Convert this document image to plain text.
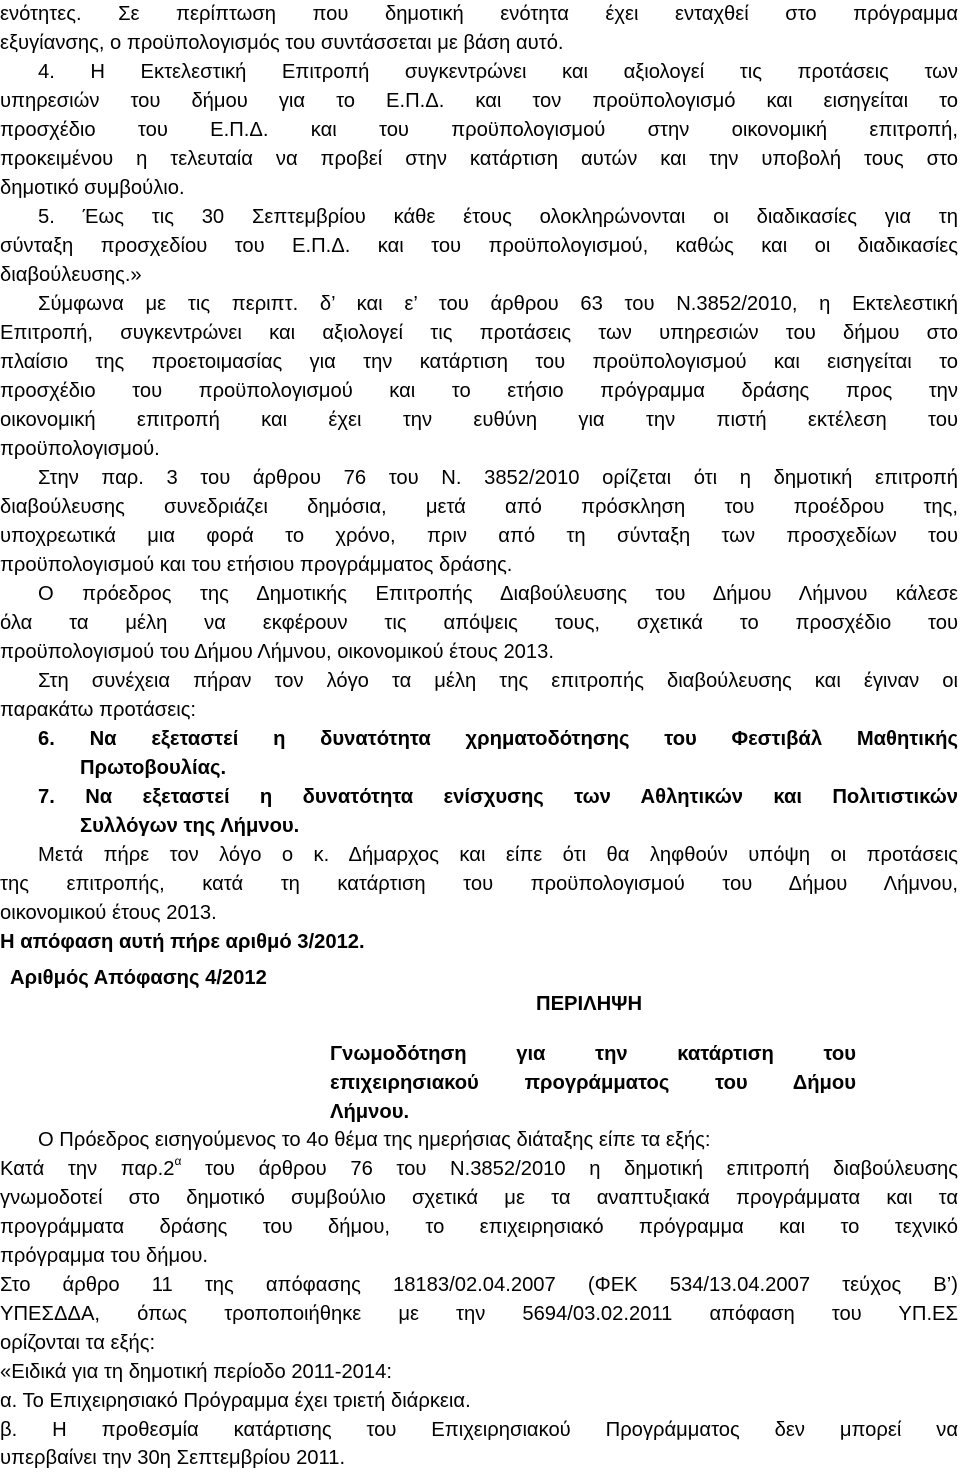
ενότητες. Σε περίπτωση που δημοτική ενότητα έχει ενταχθεί στο πρόγραμμα
εξυγίανσης, ο προϋπολογισμός του συντάσσεται με βάση αυτό.
4. Η Εκτελεστική Επιτροπή συγκεντρώνει και αξιολογεί τις προτάσεις των
υπηρεσιών του δήμου για το Ε.Π.Δ. και τον προϋπολογισμό και εισηγείται το
προσχέδιο του Ε.Π.Δ. και του προϋπολογισμού στην οικονομική επιτροπή,
προκειμένου η τελευταία να προβεί στην κατάρτιση αυτών και την υποβολή τους στο
δημοτικό συμβούλιο.
5. Έως τις 30 Σεπτεμβρίου κάθε έτους ολοκληρώνονται οι διαδικασίες για τη
σύνταξη προσχεδίου του Ε.Π.Δ. και του προϋπολογισμού, καθώς και οι διαδικασίες
διαβούλευσης.»
Σύμφωνα με τις περιπτ. δ’ και ε’ του άρθρου 63 του Ν.3852/2010, η Εκτελεστική
Επιτροπή, συγκεντρώνει και αξιολογεί τις προτάσεις των υπηρεσιών του δήμου στο
πλαίσιο της προετοιμασίας για την κατάρτιση του προϋπολογισμού και εισηγείται το
προσχέδιο του προϋπολογισμού και το ετήσιο πρόγραμμα δράσης προς την
οικονομική επιτροπή και έχει την ευθύνη για την πιστή εκτέλεση του
προϋπολογισμού.
Στην παρ. 3 του άρθρου 76 του Ν. 3852/2010 ορίζεται ότι η δημοτική επιτροπή
διαβούλευσης συνεδριάζει δημόσια, μετά από πρόσκληση του προέδρου της,
υποχρεωτικά μια φορά το χρόνο, πριν από τη σύνταξη των προσχεδίων του
προϋπολογισμού και του ετήσιου προγράμματος δράσης.
Ο πρόεδρος της Δημοτικής Επιτροπής Διαβούλευσης του Δήμου Λήμνου κάλεσε
όλα τα μέλη να εκφέρουν τις απόψεις τους, σχετικά το προσχέδιο του
προϋπολογισμού του Δήμου Λήμνου, οικονομικού έτους 2013.
Στη συνέχεια πήραν τον λόγο τα μέλη της επιτροπής διαβούλευσης και έγιναν οι
παρακάτω προτάσεις:
6. Να εξεταστεί η δυνατότητα χρηματοδότησης του Φεστιβάλ Μαθητικής
Πρωτοβουλίας.
7. Να εξεταστεί η δυνατότητα ενίσχυσης των Αθλητικών και Πολιτιστικών
Συλλόγων της Λήμνου.
Μετά πήρε τον λόγο ο κ. Δήμαρχος και είπε ότι θα ληφθούν υπόψη οι προτάσεις
της επιτροπής, κατά τη κατάρτιση του προϋπολογισμού του Δήμου Λήμνου,
οικονομικού έτους 2013.
Η απόφαση αυτή πήρε αριθμό 3/2012.
Αριθμός Απόφασης 4/2012
ΠΕΡΙΛΗΨΗ
Γνωμοδότηση για την κατάρτιση του
επιχειρησιακού προγράμματος του Δήμου
Λήμνου.
Ο Πρόεδρος εισηγούμενος το 4ο θέμα της ημερήσιας διάταξης είπε τα εξής:
Κατά την $\pi\alpha\rho.2^\alpha$ του άρθρου 76 του Ν.3852/2010 η δημοτική επιτροπή διαβούλευσης
γνωμοδοτεί στο δημοτικό συμβούλιο σχετικά με τα αναπτυξιακά προγράμματα και τα
προγράμματα δράσης του δήμου, το επιχειρησιακό πρόγραμμα και το τεχνικό
πρόγραμμα του δήμου.
Στο άρθρο 11 της απόφασης 18183/02.04.2007 (ΦΕΚ 534/13.04.2007 τεύχος Β’)
ΥΠΕΣΔΔΑ, όπως τροποποιήθηκε με την 5694/03.02.2011 απόφαση του ΥΠ.ΕΣ
ορίζονται τα εξής:
«Ειδικά για τη δημοτική περίοδο 2011-2014:
α. Το Επιχειρησιακό Πρόγραμμα έχει τριετή διάρκεια.
β. Η προθεσμία κατάρτισης του Επιχειρησιακού Προγράμματος δεν μπορεί να
υπερβαίνει την 30η Σεπτεμβρίου 2011.
